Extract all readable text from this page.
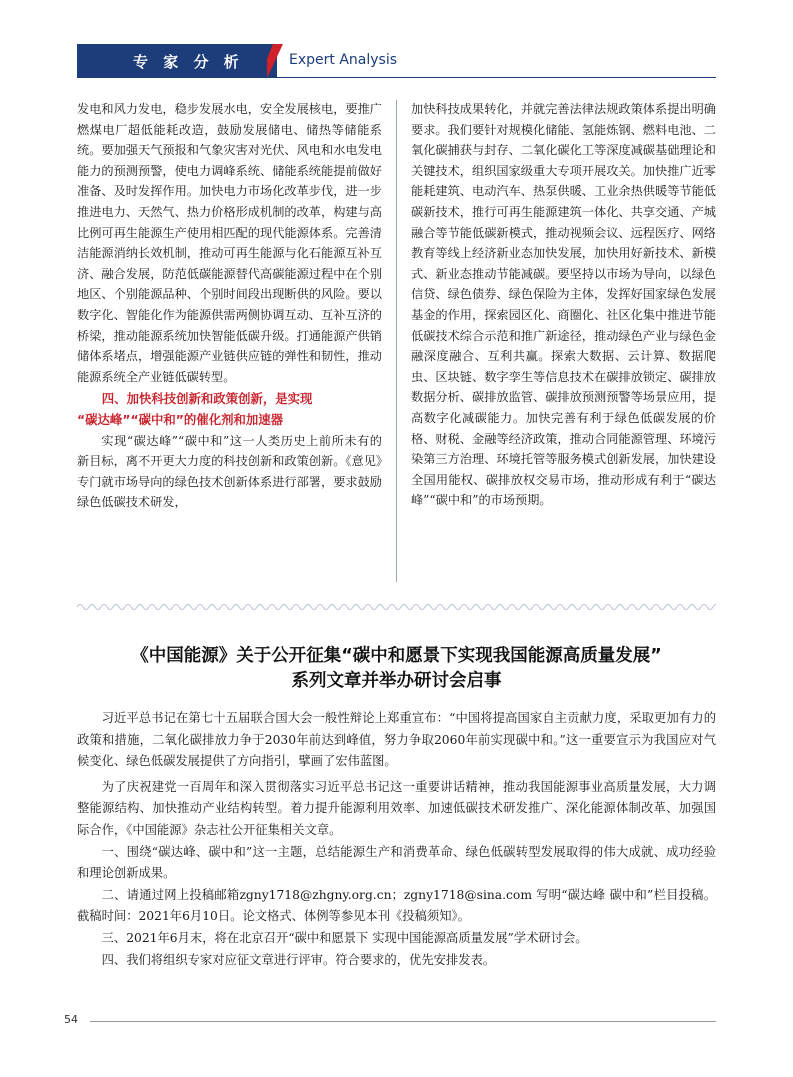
专 家 分 析	Expert Analysis

发电和风力发电，稳步发展水电，安全发展核电，要推广燃煤电厂超低能耗改造，鼓励发展储电、储热等储能系统。要加强天气预报和气象灾害对光伏、风电和水电发电能力的预测预警，使电力调峰系统、储能系统能提前做好准备、及时发挥作用。加快电力市场化改革步伐，进一步推进电力、天然气、热力价格形成机制的改革，构建与高比例可再生能源生产使用相匹配的现代能源体系。完善清洁能源消纳长效机制，推动可再生能源与化石能源互补互济、融合发展，防范低碳能源替代高碳能源过程中在个别地区、个别能源品种、个别时间段出现断供的风险。要以数字化、智能化作为能源供需两侧协调互动、互补互济的桥梁，推动能源系统加快智能低碳升级。打通能源产供销储体系堵点，增强能源产业链供应链的弹性和韧性，推动能源系统全产业链低碳转型。

四、加快科技创新和政策创新，是实现
“碳达峰”“碳中和”的催化剂和加速器

实现“碳达峰”“碳中和”这一人类历史上前所未有的新目标，离不开更大力度的科技创新和政策创新。《意见》专门就市场导向的绿色技术创新体系进行部署，要求鼓励绿色低碳技术研发，

加快科技成果转化，并就完善法律法规政策体系提出明确要求。我们要针对规模化储能、氢能炼钢、燃料电池、二氧化碳捕获与封存、二氧化碳化工等深度减碳基础理论和关键技术，组织国家级重大专项开展攻关。加快推广近零能耗建筑、电动汽车、热泵供暖、工业余热供暖等节能低碳新技术，推行可再生能源建筑一体化、共享交通、产城融合等节能低碳新模式，推动视频会议、远程医疗、网络教育等线上经济新业态加快发展，加快用好新技术、新模式、新业态推动节能减碳。要坚持以市场为导向，以绿色信贷、绿色债券、绿色保险为主体，发挥好国家绿色发展基金的作用，探索园区化、商圈化、社区化集中推进节能低碳技术综合示范和推广新途径，推动绿色产业与绿色金融深度融合、互利共赢。探索大数据、云计算、数据爬虫、区块链、数字孪生等信息技术在碳排放锁定、碳排放数据分析、碳排放监管、碳排放预测预警等场景应用，提高数字化减碳能力。加快完善有利于绿色低碳发展的价格、财税、金融等经济政策，推动合同能源管理、环境污染第三方治理、环境托管等服务模式创新发展，加快建设全国用能权、碳排放权交易市场，推动形成有利于“碳达峰”“碳中和”的市场预期。

《中国能源》关于公开征集“碳中和愿景下实现我国能源高质量发展”
系列文章并举办研讨会启事

习近平总书记在第七十五届联合国大会一般性辩论上郑重宣布：“中国将提高国家自主贡献力度，采取更加有力的政策和措施，二氧化碳排放力争于2030年前达到峰值，努力争取2060年前实现碳中和。”这一重要宣示为我国应对气候变化、绿色低碳发展提供了方向指引，擘画了宏伟蓝图。

为了庆祝建党一百周年和深入贯彻落实习近平总书记这一重要讲话精神，推动我国能源事业高质量发展，大力调整能源结构、加快推动产业结构转型。着力提升能源利用效率、加速低碳技术研发推广、深化能源体制改革、加强国际合作，《中国能源》杂志社公开征集相关文章。

一、围绕“碳达峰、碳中和”这一主题，总结能源生产和消费革命、绿色低碳转型发展取得的伟大成就、成功经验和理论创新成果。

二、请通过网上投稿邮箱zgny1718@zhgny.org.cn；zgny1718@sina.com 写明“碳达峰 碳中和”栏目投稿。截稿时间：2021年6月10日。论文格式、体例等参见本刊《投稿须知》。

三、2021年6月末，将在北京召开“碳中和愿景下 实现中国能源高质量发展”学术研讨会。

四、我们将组织专家对应征文章进行评审。符合要求的，优先安排发表。

54
